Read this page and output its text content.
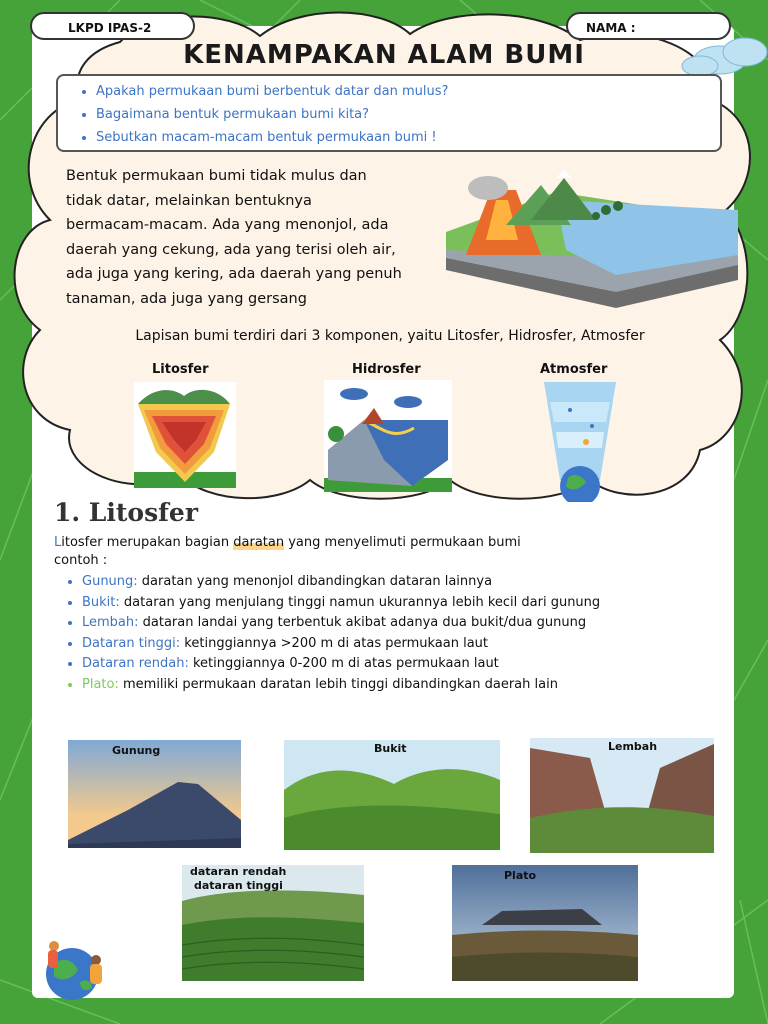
LKPD IPAS-2	NAMA :
KENAMPAKAN ALAM BUMI
• Apakah permukaan bumi berbentuk datar dan mulus?
• Bagaimana bentuk permukaan bumi kita?
• Sebutkan macam-macam bentuk permukaan bumi !
Bentuk permukaan bumi tidak mulus dan
tidak datar, melainkan bentuknya
bermacam-macam. Ada yang menonjol, ada
daerah yang cekung, ada yang terisi oleh air,
ada juga yang kering, ada daerah yang penuh
tanaman, ada juga yang gersang
Lapisan bumi terdiri dari 3 komponen, yaitu Litosfer, Hidrosfer, Atmosfer
Litosfer	Hidrosfer	Atmosfer
1. Litosfer
Litosfer merupakan bagian daratan yang menyelimuti permukaan bumi
contoh :
• Gunung: daratan yang menonjol dibandingkan dataran lainnya
• Bukit: dataran yang menjulang tinggi namun ukurannya lebih kecil dari gunung
• Lembah: dataran landai yang terbentuk akibat adanya dua bukit/dua gunung
• Dataran tinggi: ketinggiannya >200 m di atas permukaan laut
• Dataran rendah: ketinggiannya 0-200 m di atas permukaan laut
• Plato: memiliki permukaan daratan lebih tinggi dibandingkan daerah lain
Gunung	Bukit	Lembah
dataran rendah
dataran tinggi
Plato
